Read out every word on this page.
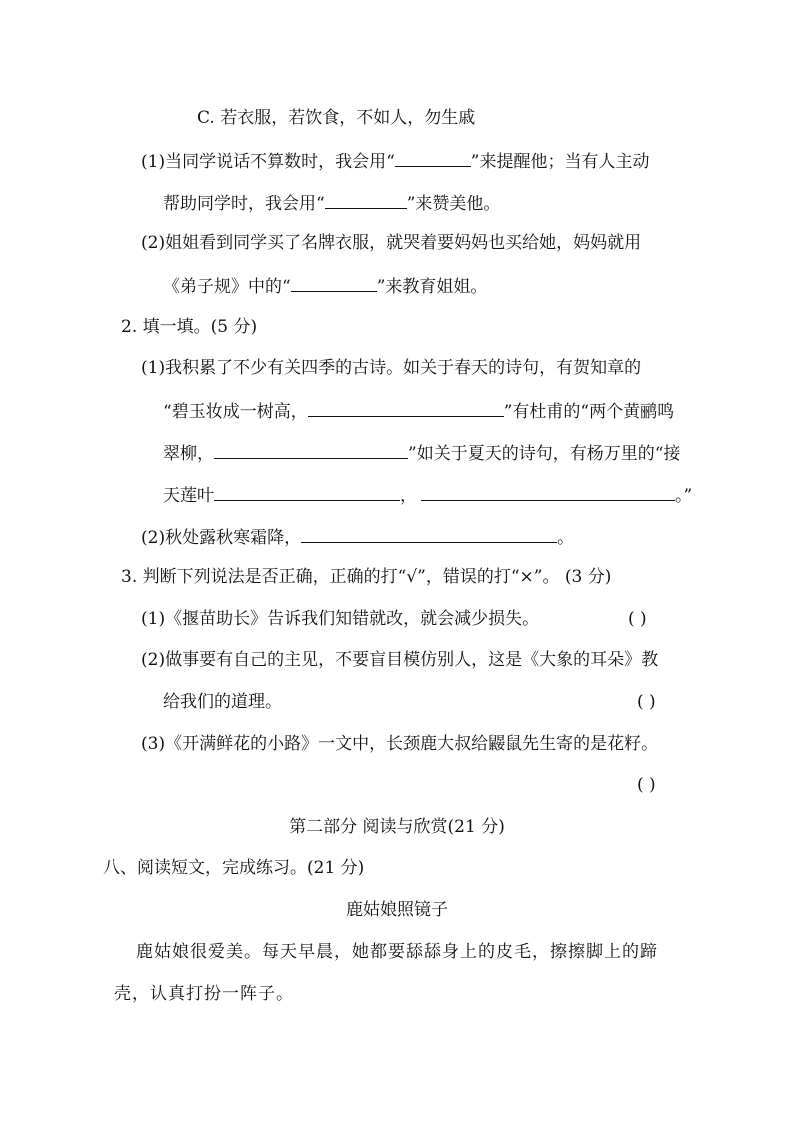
C. 若衣服，若饮食，不如人，勿生戚
(1)当同学说话不算数时，我会用“	”来提醒他；当有人主动
帮助同学时，我会用“	”来赞美他。
(2)姐姐看到同学买了名牌衣服，就哭着要妈妈也买给她，妈妈就用
《弟子规》中的“	”来教育姐姐。
2. 填一填。(5 分)
(1)我积累了不少有关四季的古诗。如关于春天的诗句，有贺知章的
“碧玉妆成一树高，	”有杜甫的“两个黄鹂鸣
翠柳，	”如关于夏天的诗句，有杨万里的“接
天莲叶	，	。”
(2)秋处露秋寒霜降，	。
3. 判断下列说法是否正确，正确的打“√”，错误的打“×”。 (3 分)
(1)《揠苗助长》告诉我们知错就改，就会减少损失。	( )
(2)做事要有自己的主见，不要盲目模仿别人，这是《大象的耳朵》教
给我们的道理。	( )
(3)《开满鲜花的小路》一文中，长颈鹿大叔给鼹鼠先生寄的是花籽。
( )
第二部分 阅读与欣赏(21 分)
八、阅读短文，完成练习。(21 分)
鹿姑娘照镜子
鹿姑娘很爱美。每天早晨，她都要舔舔身上的皮毛，擦擦脚上的蹄
壳，认真打扮一阵子。
